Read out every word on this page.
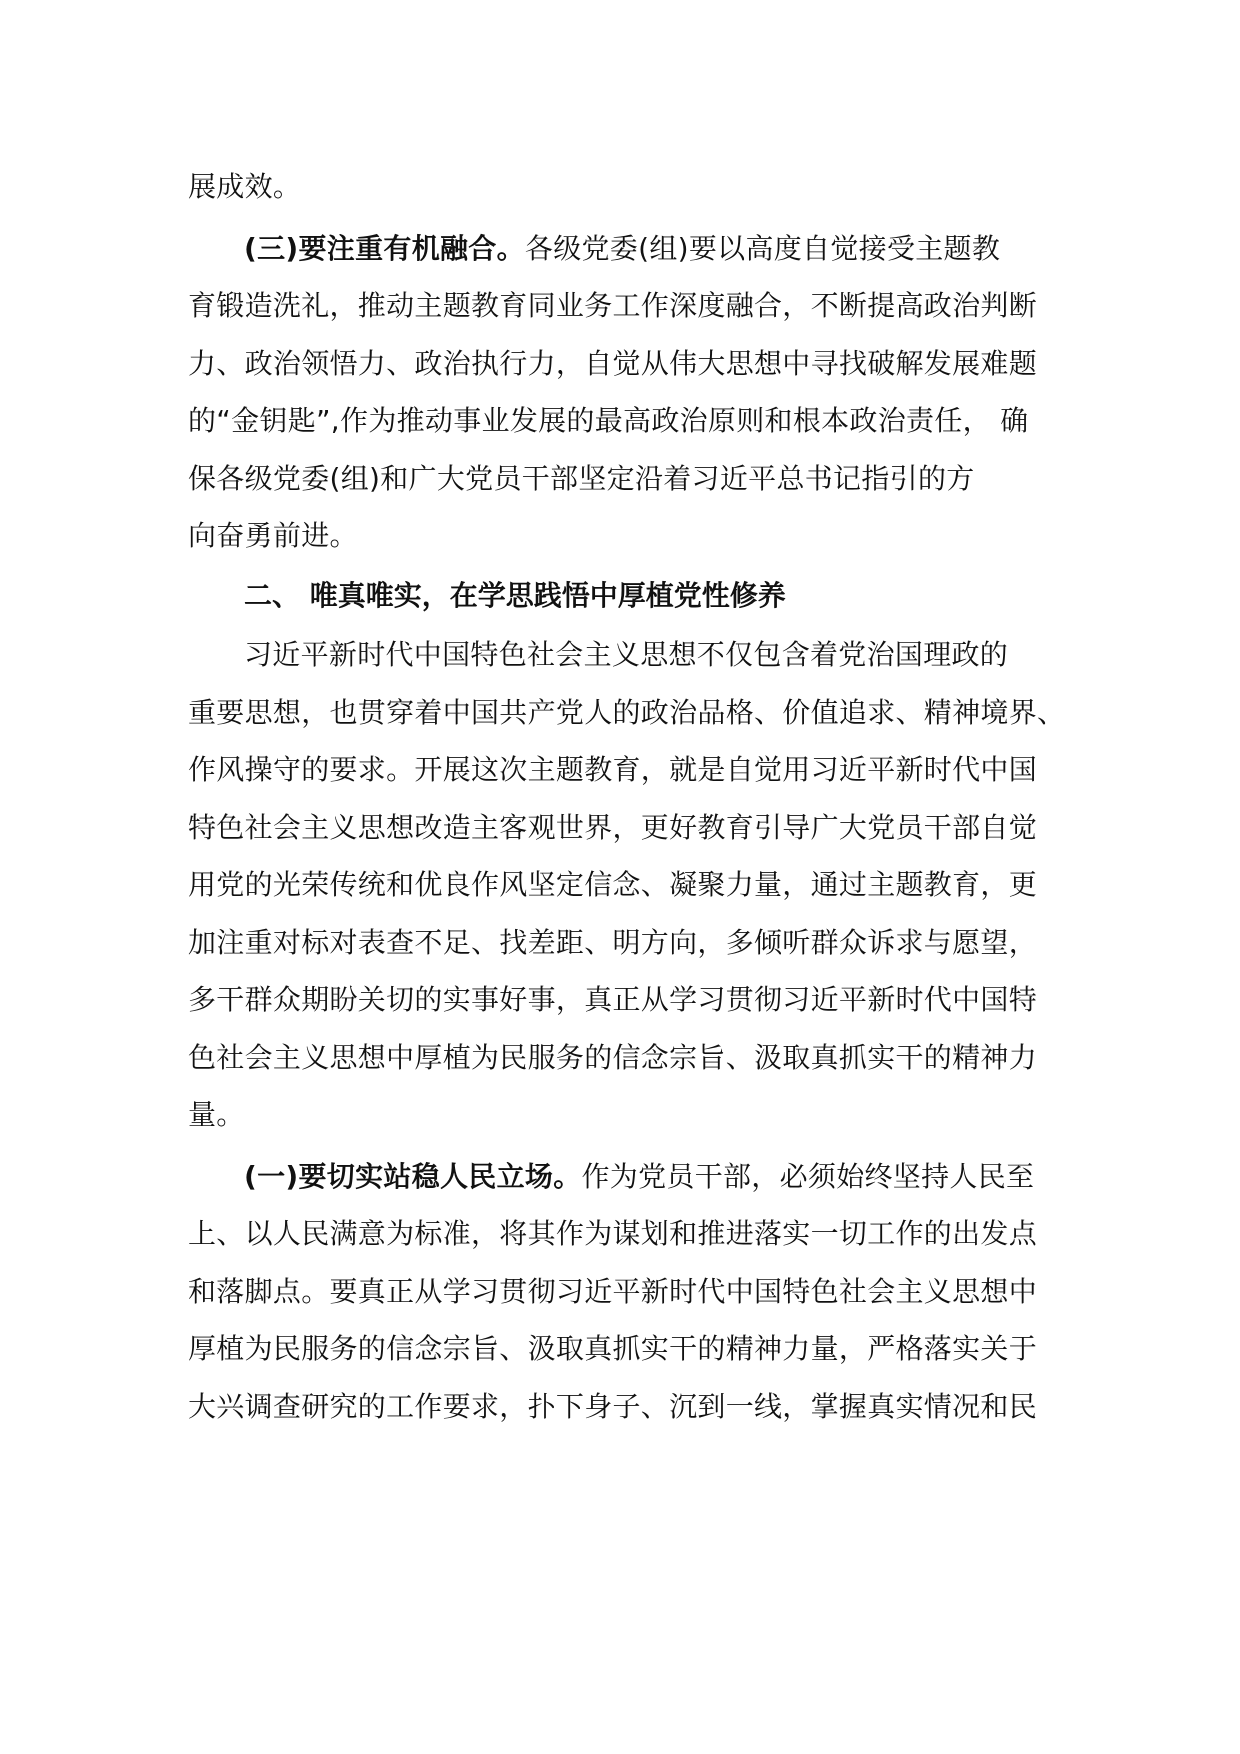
展成效。

(三)要注重有机融合。各级党委(组)要以高度自觉接受主题教
育锻造洗礼，推动主题教育同业务工作深度融合，不断提高政治判断
力、政治领悟力、政治执行力，自觉从伟大思想中寻找破解发展难题
的“金钥匙”,作为推动事业发展的最高政治原则和根本政治责任， 确
保各级党委(组)和广大党员干部坚定沿着习近平总书记指引的方
向奋勇前进。

二、 唯真唯实，在学思践悟中厚植党性修养

习近平新时代中国特色社会主义思想不仅包含着党治国理政的
重要思想，也贯穿着中国共产党人的政治品格、价值追求、精神境界、
作风操守的要求。开展这次主题教育，就是自觉用习近平新时代中国
特色社会主义思想改造主客观世界，更好教育引导广大党员干部自觉
用党的光荣传统和优良作风坚定信念、凝聚力量，通过主题教育，更
加注重对标对表查不足、找差距、明方向，多倾听群众诉求与愿望，
多干群众期盼关切的实事好事，真正从学习贯彻习近平新时代中国特
色社会主义思想中厚植为民服务的信念宗旨、汲取真抓实干的精神力
量。

(一)要切实站稳人民立场。作为党员干部，必须始终坚持人民至
上、以人民满意为标准，将其作为谋划和推进落实一切工作的出发点
和落脚点。要真正从学习贯彻习近平新时代中国特色社会主义思想中
厚植为民服务的信念宗旨、汲取真抓实干的精神力量，严格落实关于
大兴调查研究的工作要求，扑下身子、沉到一线，掌握真实情况和民
